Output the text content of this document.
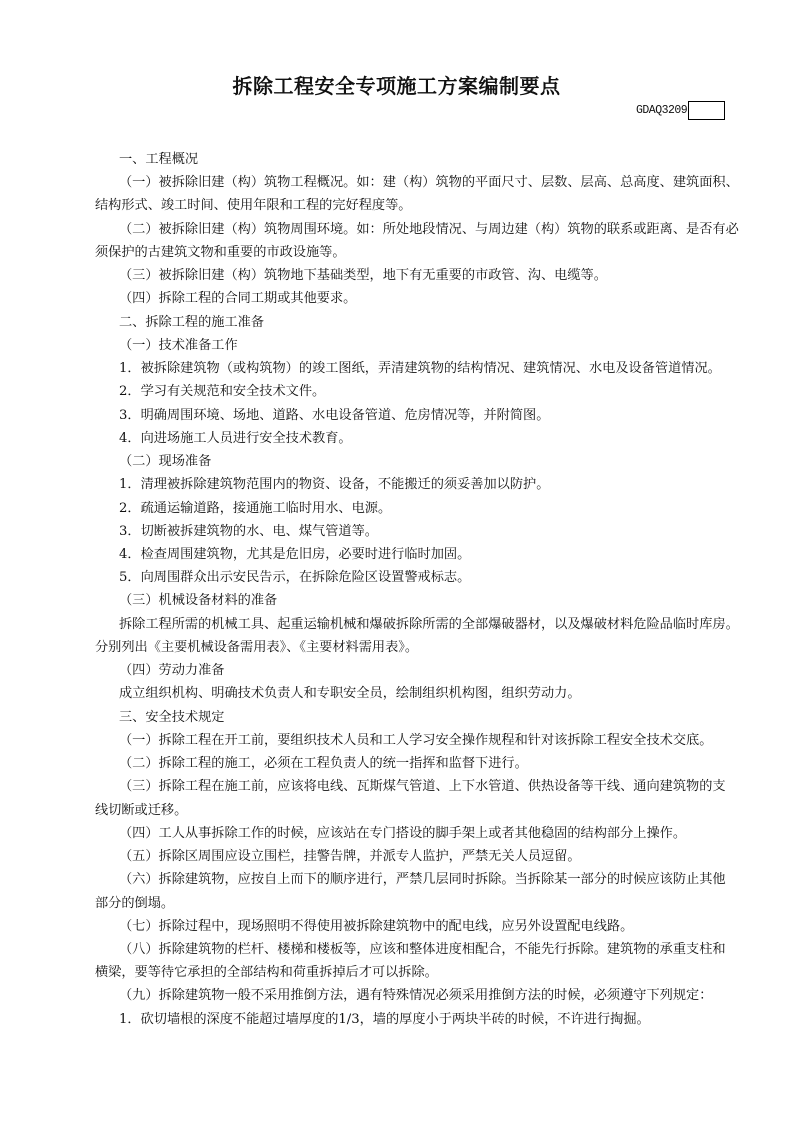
拆除工程安全专项施工方案编制要点
GDAQ3209
一、工程概况
（一）被拆除旧建（构）筑物工程概况。如：建（构）筑物的平面尺寸、层数、层高、总高度、建筑面积、
结构形式、竣工时间、使用年限和工程的完好程度等。
（二）被拆除旧建（构）筑物周围环境。如：所处地段情况、与周边建（构）筑物的联系或距离、是否有必
须保护的古建筑文物和重要的市政设施等。
（三）被拆除旧建（构）筑物地下基础类型，地下有无重要的市政管、沟、电缆等。
（四）拆除工程的合同工期或其他要求。
二、拆除工程的施工准备
（一）技术准备工作
1．被拆除建筑物（或构筑物）的竣工图纸，弄清建筑物的结构情况、建筑情况、水电及设备管道情况。
2．学习有关规范和安全技术文件。
3．明确周围环境、场地、道路、水电设备管道、危房情况等，并附简图。
4．向进场施工人员进行安全技术教育。
（二）现场准备
1．清理被拆除建筑物范围内的物资、设备，不能搬迁的须妥善加以防护。
2．疏通运输道路，接通施工临时用水、电源。
3．切断被拆建筑物的水、电、煤气管道等。
4．检查周围建筑物，尤其是危旧房，必要时进行临时加固。
5．向周围群众出示安民告示，在拆除危险区设置警戒标志。
（三）机械设备材料的准备
拆除工程所需的机械工具、起重运输机械和爆破拆除所需的全部爆破器材，以及爆破材料危险品临时库房。
分别列出《主要机械设备需用表》、《主要材料需用表》。
（四）劳动力准备
成立组织机构、明确技术负责人和专职安全员，绘制组织机构图，组织劳动力。
三、安全技术规定
（一）拆除工程在开工前，要组织技术人员和工人学习安全操作规程和针对该拆除工程安全技术交底。
（二）拆除工程的施工，必须在工程负责人的统一指挥和监督下进行。
（三）拆除工程在施工前，应该将电线、瓦斯煤气管道、上下水管道、供热设备等干线、通向建筑物的支
线切断或迁移。
（四）工人从事拆除工作的时候，应该站在专门搭设的脚手架上或者其他稳固的结构部分上操作。
（五）拆除区周围应设立围栏，挂警告牌，并派专人监护，严禁无关人员逗留。
（六）拆除建筑物，应按自上而下的顺序进行，严禁几层同时拆除。当拆除某一部分的时候应该防止其他
部分的倒塌。
（七）拆除过程中，现场照明不得使用被拆除建筑物中的配电线，应另外设置配电线路。
（八）拆除建筑物的栏杆、楼梯和楼板等，应该和整体进度相配合，不能先行拆除。建筑物的承重支柱和
横梁，要等待它承担的全部结构和荷重拆掉后才可以拆除。
（九）拆除建筑物一般不采用推倒方法，遇有特殊情况必须采用推倒方法的时候，必须遵守下列规定：
1．砍切墙根的深度不能超过墙厚度的1/3，墙的厚度小于两块半砖的时候，不许进行掏掘。
